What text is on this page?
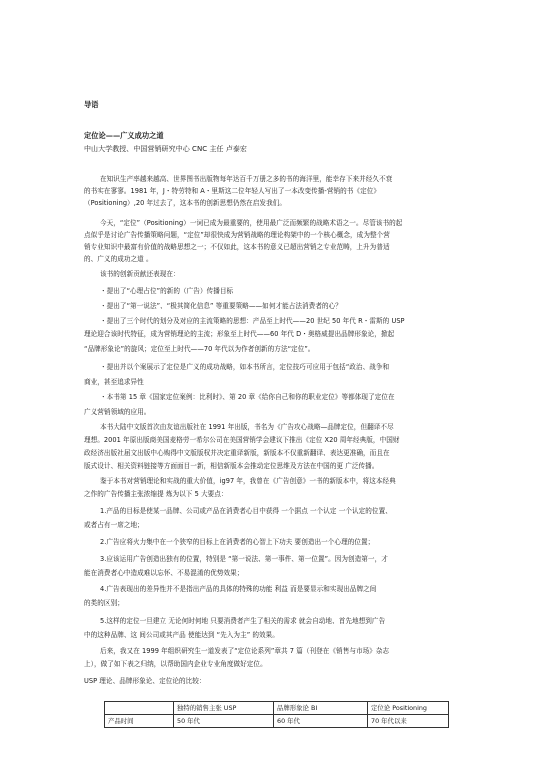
导语
定位论——广义成功之道
中山大学教授、中国营销研究中心 CNC 主任 卢泰宏
在知识生产率越来越高、世界图书出版物每年达百千万册之多的书的海洋里，能幸存下来并经久不衰
的书实在寥寥。1981 年，J・特劳特和 A・里斯这二位年轻人写出了一本改变传播-营销的书《定位》
（Positioning）,20 年过去了，这本书的创新思想仍然在启发我们。
今天，“定位”（Positioning）一词已成为最重要的，使用最广泛而频繁的战略术语之一。尽管该书的起
点似乎是讨论广告传播策略问题，“定位”却很快成为营销战略的理论构架中的一个核心概念，成为整个营
销专业知识中最富有价值的战略思想之一；不仅如此，这本书的意义已超出营销之专业范畴，上升为普适
的、广义的成功之道 。
该书的创新贡献还表现在：
・提出了“心理占位”的新的（广告）传播目标
・提出了“第一说法”、“极其简化信息” 等重要策略——如何才能占法消费者的心？
・提出了三个时代的划分及对应的主流策略的思想：产品至上时代——20 世纪 50 年代 R・雷斯的 USP
理论迎合该时代特征，成为营销理论的主流；形象至上时代——60 年代 D・奥格威提出品牌形象论，掀起
“品牌形象论”的旋风；定位至上时代——70 年代以为作者创新的方法“定位”。
・提出并以个案展示了定位是广义的成功战略，如本书所言，定位技巧可应用于包括“政治、战争和
商业，甚至追求异性
・本书第 15 章《国家定位案例：比利时》、第 20 章《给你自己和你的职业定位》等都体现了定位在
广义营销领域的应用。
本书大陆中文版首次由友谊出版社在 1991 年出版，书名为《广告攻心战略—品牌定位，但翻译不尽
理想。2001 年原出版商美国麦格劳一希尔公司在美国营销学会建议下推出《定位 X20 周年经典版，中国财
政经济出版社届文出版中心购得中文版版权并决定重译新版，新版本不仅重新翻译、表达更准确，而且在
版式设计、相关资料链接等方面面目一新，相信新版本会推动定位思维及方法在中国的更 广泛传播。
鉴于本书对营销理论和实战的重大价值，ig97 年，我曾在《广告创意》一书的新版本中，将这本经典
之作的广告传播主张浓缩提 炼为以下 5 大要点：
1.产品的目标是使某一品牌、公司或产品在消费者心目中获得 一个据点 一个认定 一个认定的位置、
或者占有一席之地；
2.广告应将火力集中在一个狭窄的目标上在消费者的心智上下功夫 要创造出一个心理的位置；
3.应该运用广告创造出独有的位置，特别是 “第一说法、第一事件、第一位置”。因为创造第一，才
能在消费者心中造成难以忘怀、不易混淆的优势效果；
4.广告表现出的差异性并不是指出产品的具体的特殊的功能 利益 而是要显示和实现出品牌之间
的类的区别；
5.这样的定位一旦建立 无论何时何地 只要消费者产生了相关的需求 就会自动地、首先地想到广告
中的这种品牌、这 间公司或其产品 使能达到 “先入为主” 的效果。
后来，我又在 1999 年组织研究生一道发表了“定位论系列”章共 7 篇（刊登在《销售与市场》杂志
上），做了如下表之归纳，以帮助国内企业专业角度做好定位。
USP 理论、品牌形象论、定位论的比较：
	独特的销售主张 USP	品牌形象论 BI	定位论 Positioning
产品时间	50 年代	60 年代	70 年代以来
